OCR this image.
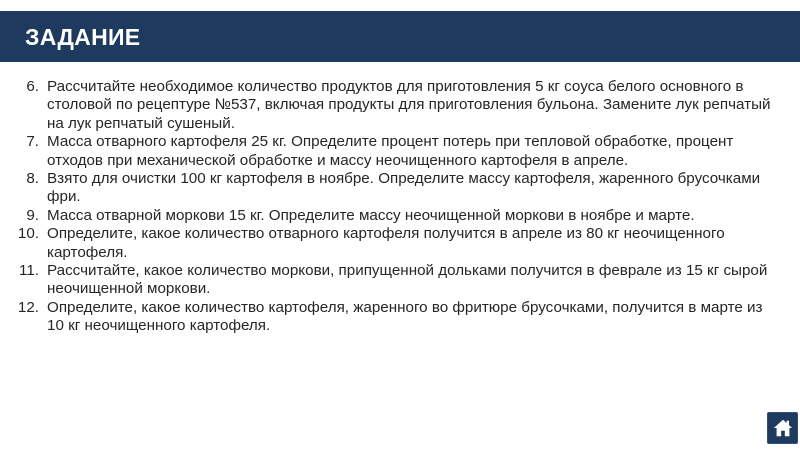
ЗАДАНИЕ
6. Рассчитайте необходимое количество продуктов для приготовления 5 кг соуса белого основного в столовой по рецептуре №537, включая продукты для приготовления бульона. Замените лук репчатый на лук репчатый сушеный.
7. Масса отварного картофеля 25 кг. Определите процент потерь при тепловой обработке, процент отходов при механической обработке и массу неочищенного картофеля в апреле.
8. Взято для очистки 100 кг картофеля в ноябре. Определите массу картофеля, жаренного брусочками фри.
9. Масса отварной моркови 15 кг. Определите массу неочищенной моркови в ноябре и марте.
10. Определите, какое количество отварного картофеля получится в апреле из 80 кг неочищенного картофеля.
11. Рассчитайте, какое количество моркови, припущенной дольками получится в феврале из 15 кг сырой неочищенной моркови.
12. Определите, какое количество картофеля, жаренного во фритюре брусочками, получится в марте из 10 кг неочищенного картофеля.
